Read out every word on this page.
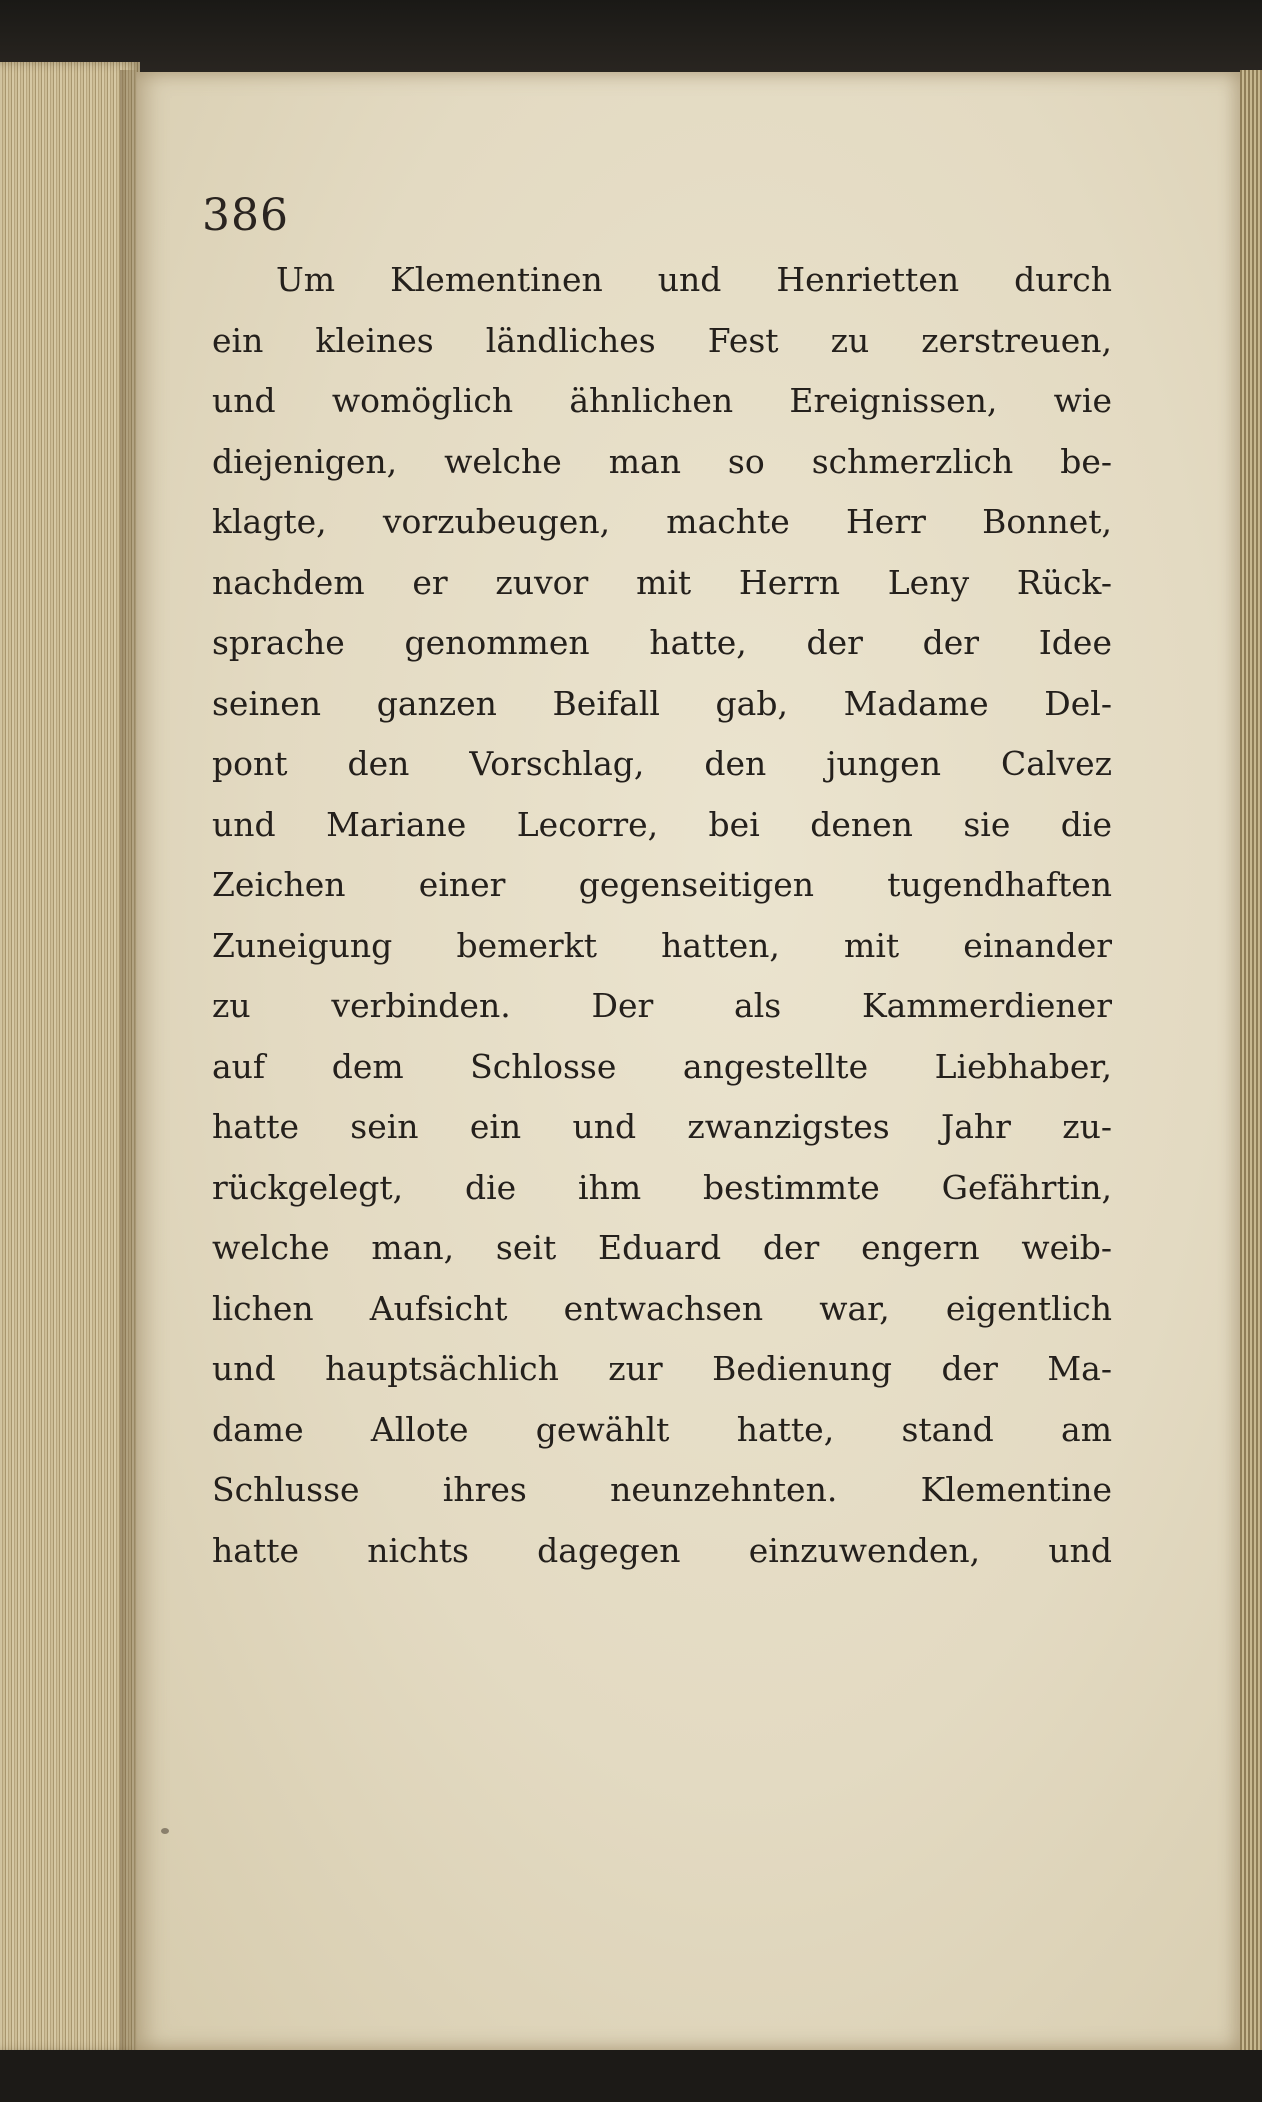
386
Um Klementinen und Henrietten durch
ein kleines ländliches Fest zu zerstreuen,
und womöglich ähnlichen Ereignissen, wie
diejenigen, welche man so schmerzlich be-
klagte, vorzubeugen, machte Herr Bonnet,
nachdem er zuvor mit Herrn Leny Rück-
sprache genommen hatte, der der Idee
seinen ganzen Beifall gab, Madame Del-
pont den Vorschlag, den jungen Calvez
und Mariane Lecorre, bei denen sie die
Zeichen einer gegenseitigen tugendhaften
Zuneigung bemerkt hatten, mit einander
zu verbinden. Der als Kammerdiener
auf dem Schlosse angestellte Liebhaber,
hatte sein ein und zwanzigstes Jahr zu-
rückgelegt, die ihm bestimmte Gefährtin,
welche man, seit Eduard der engern weib-
lichen Aufsicht entwachsen war, eigentlich
und hauptsächlich zur Bedienung der Ma-
dame Allote gewählt hatte, stand am
Schlusse ihres neunzehnten. Klementine
hatte nichts dagegen einzuwenden, und
